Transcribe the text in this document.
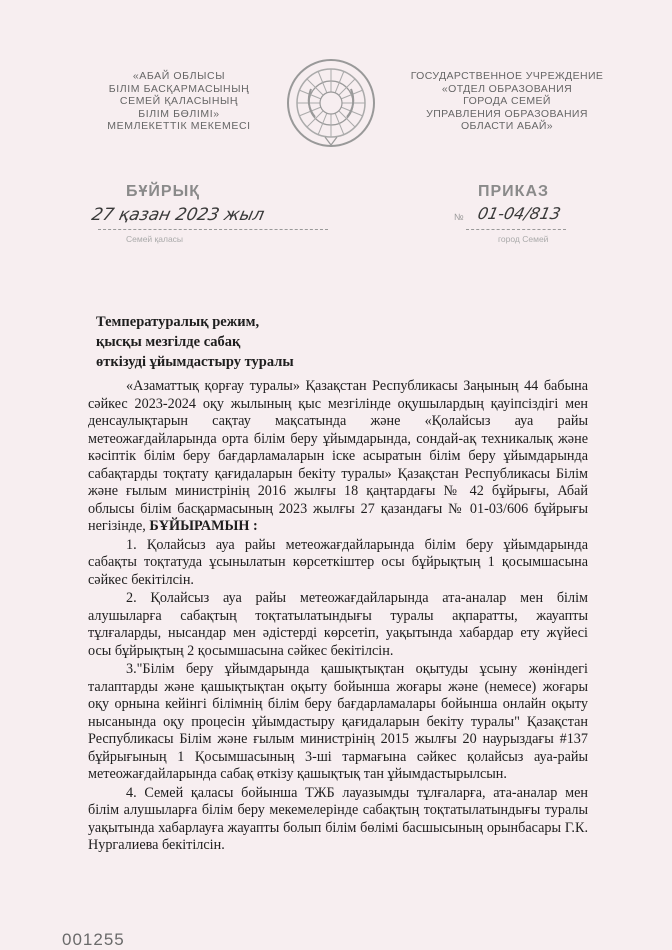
«АБАЙ ОБЛЫСЫ
БІЛІМ БАСҚАРМАСЫНЫҢ
СЕМЕЙ ҚАЛАСЫНЫҢ
БІЛІМ БӨЛІМІ»
МЕМЛЕКЕТТІК МЕКЕМЕСІ
ГОСУДАРСТВЕННОЕ УЧРЕЖДЕНИЕ
«ОТДЕЛ ОБРАЗОВАНИЯ
ГОРОДА СЕМЕЙ
УПРАВЛЕНИЯ ОБРАЗОВАНИЯ
ОБЛАСТИ АБАЙ»
БҰЙРЫҚ	ПРИКАЗ
27 қазан 2023 жыл	№ 01-04/813
Семей қаласы	город Семей
Температуралық режим,
қысқы мезгілде сабақ
өткізуді ұйымдастыру туралы

«Азаматтық қорғау туралы» Қазақстан Республикасы Заңының 44 бабына сәйкес 2023-2024 оқу жылының қыс мезгілінде оқушылардың қауіпсіздігі мен денсаулықтарын сақтау мақсатында және «Қолайсыз ауа райы метеожағдайларында орта білім беру ұйымдарында, сондай-ақ техникалық және кәсіптік білім беру бағдарламаларын іске асыратын білім беру ұйымдарында сабақтарды тоқтату қағидаларын бекіту туралы» Қазақстан Республикасы Білім және ғылым министрінің 2016 жылғы 18 қаңтардағы № 42 бұйрығы, Абай облысы білім басқармасының 2023 жылғы 27 қазандағы № 01-03/606 бұйрығы негізінде, БҰЙЫРАМЫН :

1. Қолайсыз ауа райы метеожағдайларында білім беру ұйымдарында сабақты тоқтатуда ұсынылатын көрсеткіштер осы бұйрықтың 1 қосымшасына сәйкес бекітілсін.

2. Қолайсыз ауа райы метеожағдайларында ата-аналар мен білім алушыларға сабақтың тоқтатылатындығы туралы ақпаратты, жауапты тұлғаларды, нысандар мен әдістерді көрсетіп, уақытында хабардар ету жүйесі осы бұйрықтың 2 қосымшасына сәйкес бекітілсін.

3."Білім беру ұйымдарында қашықтықтан оқытуды ұсыну жөніндегі талаптарды және қашықтықтан оқыту бойынша жоғары және (немесе) жоғары оқу орнына кейінгі білімнің білім беру бағдарламалары бойынша онлайн оқыту нысанында оқу процесін ұйымдастыру қағидаларын бекіту туралы" Қазақстан Республикасы Білім және ғылым министрінің 2015 жылғы 20 наурыздағы #137 бұйрығының 1 Қосымшасының 3-ші тармағына сәйкес қолайсыз ауа-райы метеожағдайларында сабақ өткізу қашықтық тан ұйымдастырылсын.

4. Семей қаласы бойынша ТЖБ лауазымды тұлғаларға, ата-аналар мен білім алушыларға білім беру мекемелерінде сабақтың тоқтатылатындығы туралы уақытында хабарлауға жауапты болып білім бөлімі басшысының орынбасары Г.К. Нургалиева бекітілсін.

001255
